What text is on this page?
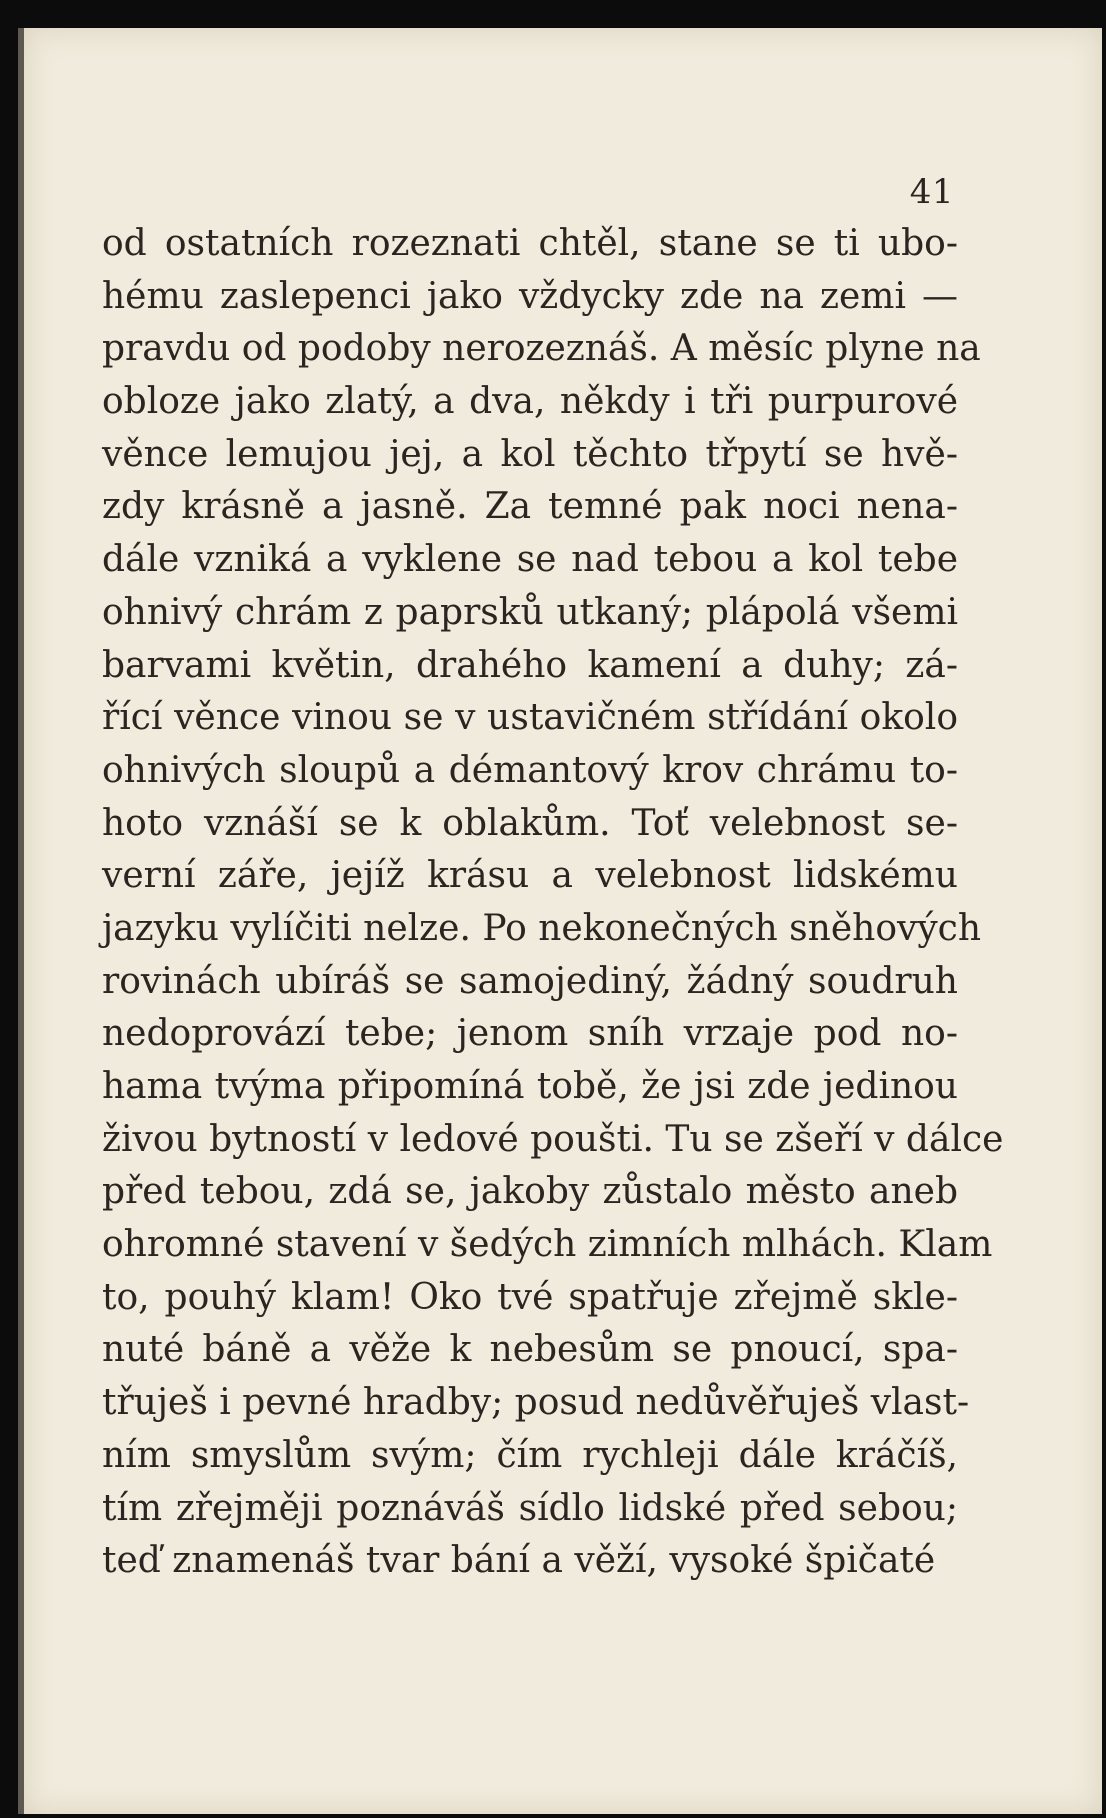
41
od ostatních rozeznati chtěl, stane se ti ubo-
hému zaslepenci jako vždycky zde na zemi —
pravdu od podoby nerozeznáš. A měsíc plyne na
obloze jako zlatý, a dva, někdy i tři purpurové
věnce lemujou jej, a kol těchto třpytí se hvě-
zdy krásně a jasně. Za temné pak noci nena-
dále vzniká a vyklene se nad tebou a kol tebe
ohnivý chrám z paprsků utkaný; plápolá všemi
barvami květin, drahého kamení a duhy; zá-
řící věnce vinou se v ustavičném střídání okolo
ohnivých sloupů a démantový krov chrámu to-
hoto vznáší se k oblakům. Toť velebnost se-
verní záře, jejíž krásu a velebnost lidskému
jazyku vylíčiti nelze. Po nekonečných sněhových
rovinách ubíráš se samojediný, žádný soudruh
nedoprovází tebe; jenom sníh vrzaje pod no-
hama tvýma připomíná tobě, že jsi zde jedinou
živou bytností v ledové poušti. Tu se zšeří v dálce
před tebou, zdá se, jakoby zůstalo město aneb
ohromné stavení v šedých zimních mlhách. Klam
to, pouhý klam! Oko tvé spatřuje zřejmě skle-
nuté báně a věže k nebesům se pnoucí, spa-
třuješ i pevné hradby; posud nedůvěřuješ vlast-
ním smyslům svým; čím rychleji dále kráčíš,
tím zřejměji poznáváš sídlo lidské před sebou;
teď znamenáš tvar bání a věží, vysoké špičaté
